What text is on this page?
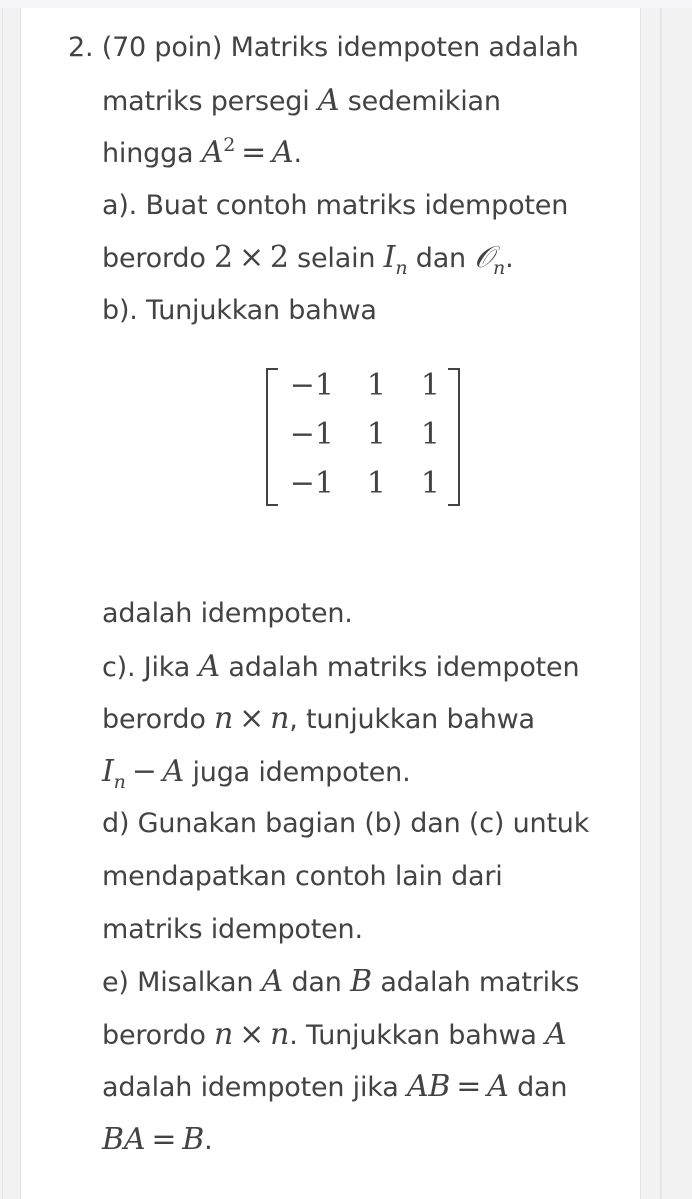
2. (70 poin) Matriks idempoten adalah
matriks persegi A sedemikian
hingga $A^2 = A$.
a). Buat contoh matriks idempoten
berordo 2 × 2 selain $I_n$ dan 𝒪$_n$.
b). Tunjukkan bahwa
−1	1	1
−1	1	1
−1	1	1
adalah idempoten.
c). Jika A adalah matriks idempoten
berordo n × n, tunjukkan bahwa
$I_n - A$ juga idempoten.
d) Gunakan bagian (b) dan (c) untuk
mendapatkan contoh lain dari
matriks idempoten.
e) Misalkan A dan B adalah matriks
berordo n × n. Tunjukkan bahwa A
adalah idempoten jika AB = A dan
BA = B.
